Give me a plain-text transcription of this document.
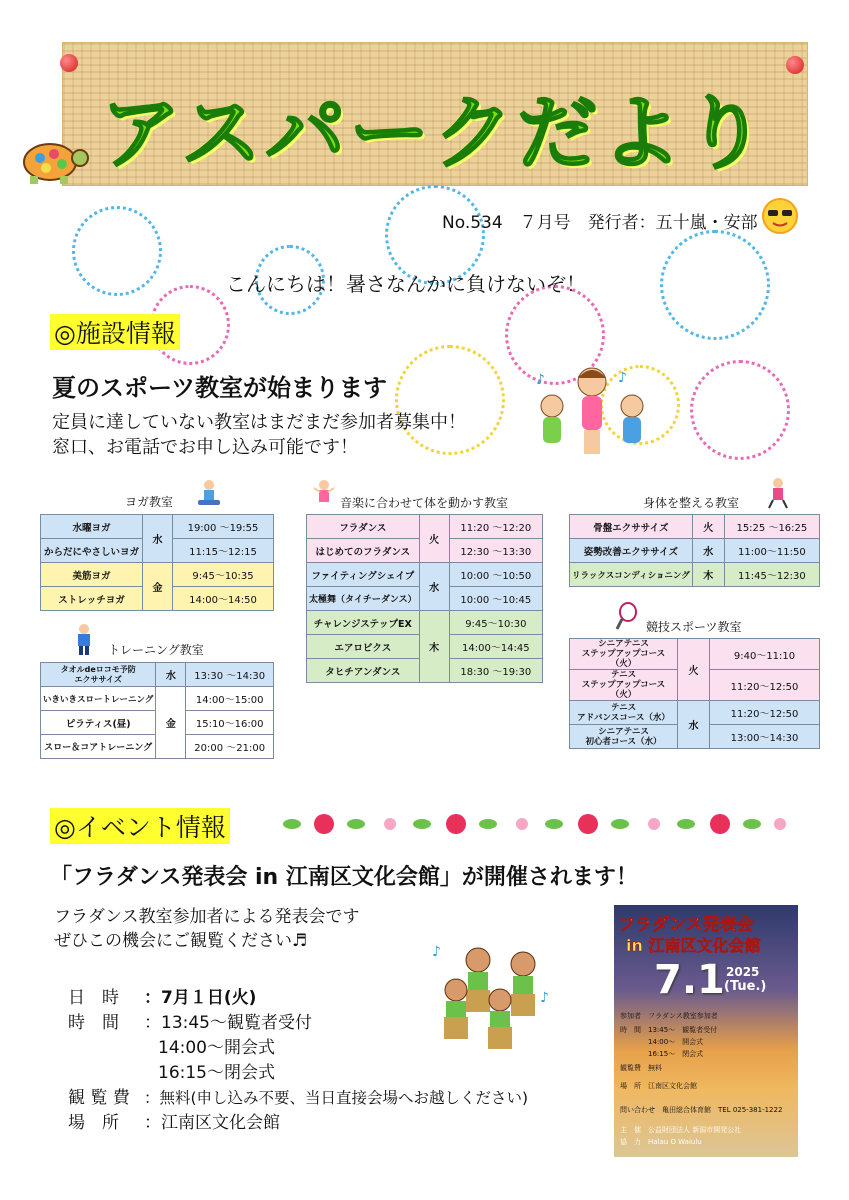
アスパークだより
No.534　７月号　発行者：五十嵐・安部
こんにちは！暑さなんかに負けないぞ！
◎施設情報
夏のスポーツ教室が始まります
定員に達していない教室はまだまだ参加者募集中！
窓口、お電話でお申し込み可能です！
♪	♪
ヨガ教室
水曜ヨガ	水	19:00 ～19:55
からだにやさしいヨガ		11:15～12:15
美筋ヨガ	金	9:45～10:35
ストレッチヨガ		14:00～14:50
トレーニング教室
タオルdeロコモ予防
エクササイズ	水	13:30 ～14:30
いきいきスロートレーニング	金	14:00～15:00
ピラティス(昼)		15:10～16:00
スロー＆コアトレーニング		20:00 ～21:00
音楽に合わせて体を動かす教室
フラダンス	火	11:20 ～12:20
はじめてのフラダンス		12:30 ～13:30
ファイティングシェイプ	水	10:00 ～10:50
太極舞（タイチーダンス）		10:00 ～10:45
チャレンジステップEX	木	9:45～10:30
エアロビクス		14:00～14:45
タヒチアンダンス		18:30 ～19:30
身体を整える教室
骨盤エクササイズ	火	15:25 ～16:25
姿勢改善エクササイズ	水	11:00～11:50
リラックスコンディショニング	木	11:45～12:30
競技スポーツ教室
シニアテニス
ステップアップコース（火）	火	9:40～11:10
テニス
ステップアップコース（火）		11:20～12:50
テニス
アドバンスコース（水）	水	11:20～12:50
シニアテニス
初心者コース（水）		13:00～14:30
◎イベント情報
「フラダンス発表会 in 江南区文化会館」が開催されます！
フラダンス教室参加者による発表会です
ぜひこの機会にご観覧ください♬
日　時 ：7月１日(火)
時　間 ：13:45～観覧者受付
14:00～開会式
16:15～閉会式
観 覧 費 ：無料(申し込み不要、当日直接会場へお越しください)
場　所 ：江南区文化会館
♪
♪
フラダンス発表会
in 江南区文化会館
7.1 2025
(Tue.)
参加者　フラダンス教室参加者
時　間　13:45～　観覧者受付
　　　　14:00～　開会式
　　　　16:15～　閉会式
観覧費　無料
場　所　江南区文化会館
問い合わせ　亀田総合体育館　TEL 025-381-1222
主　催　公益財団法人 新潟市開発公社
協　力　Halau O Waiulu
